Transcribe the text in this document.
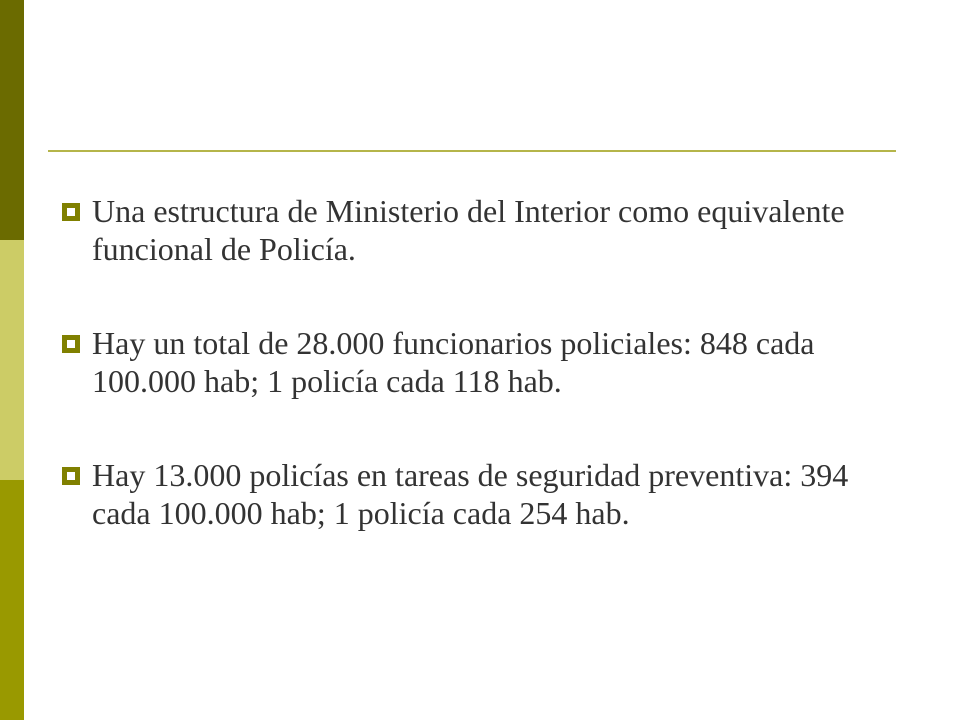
Una estructura de Ministerio del Interior como equivalente funcional de Policía.
Hay un total de 28.000 funcionarios policiales: 848 cada 100.000 hab; 1 policía cada 118 hab.
Hay 13.000 policías en tareas de seguridad preventiva: 394 cada 100.000 hab; 1 policía cada 254 hab.
